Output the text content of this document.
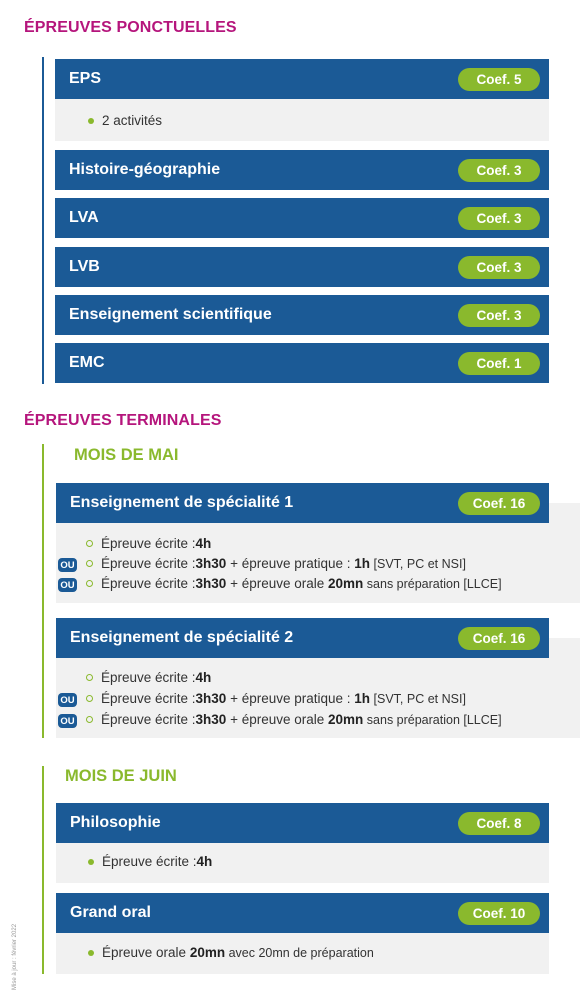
ÉPREUVES PONCTUELLES
EPS	Coef. 5
2 activités
Histoire-géographie	Coef. 3
LVA	Coef. 3
LVB	Coef. 3
Enseignement scientifique	Coef. 3
EMC	Coef. 1
ÉPREUVES TERMINALES
MOIS DE MAI
Enseignement de spécialité 1	Coef. 16
Épreuve écrite : 4h
OU Épreuve écrite : 3h30 + épreuve pratique : 1h [SVT, PC et NSI]
OU Épreuve écrite : 3h30 + épreuve orale 20mn sans préparation [LLCE]
Enseignement de spécialité 2	Coef. 16
Épreuve écrite : 4h
OU Épreuve écrite : 3h30 + épreuve pratique : 1h [SVT, PC et NSI]
OU Épreuve écrite : 3h30 + épreuve orale 20mn sans préparation [LLCE]
MOIS DE JUIN
Philosophie	Coef. 8
Épreuve écrite : 4h
Grand oral	Coef. 10
Épreuve orale 20mn avec 20mn de préparation
Mise à jour : février 2022
